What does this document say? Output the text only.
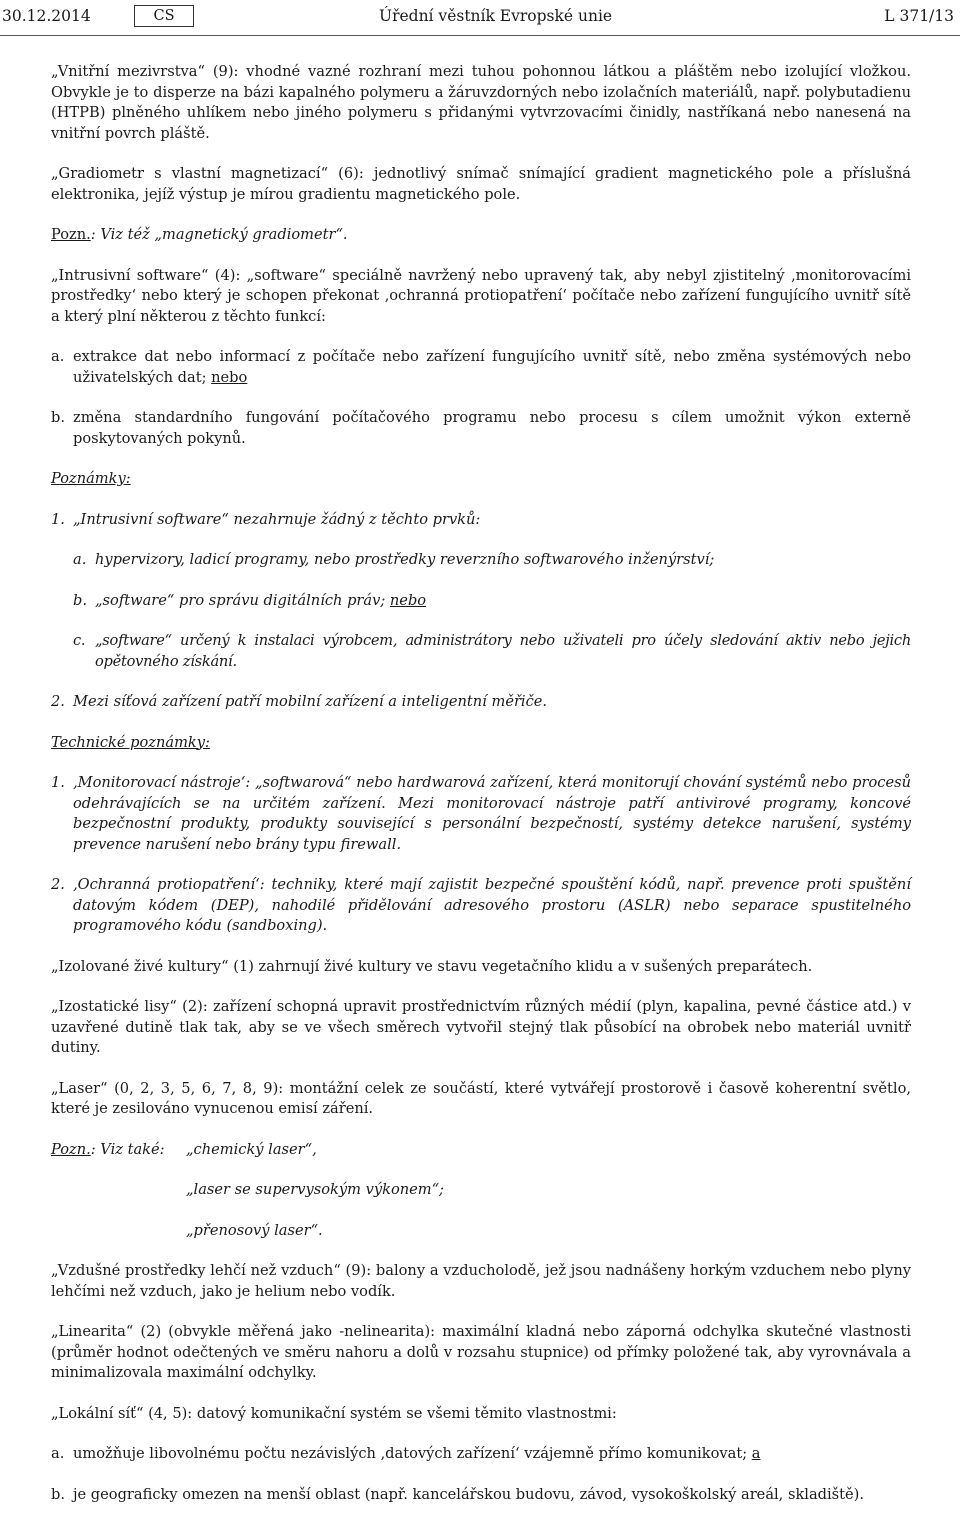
30.12.2014	CS	Úřední věstník Evropské unie	L 371/13

„Vnitřní mezivrstva“ (9): vhodné vazné rozhraní mezi tuhou pohonnou látkou a pláštěm nebo izolující vložkou. Obvykle je to disperze na bázi kapalného polymeru a žáruvzdorných nebo izolačních materiálů, např. polybutadienu (HTPB) plněného uhlíkem nebo jiného polymeru s přidanými vytvrzovacími činidly, nastříkaná nebo nanesená na vnitřní povrch pláště.

„Gradiometr s vlastní magnetizací“ (6): jednotlivý snímač snímající gradient magnetického pole a příslušná elektronika, jejíž výstup je mírou gradientu magnetického pole.

Pozn.: Viz též „magnetický gradiometr“.

„Intrusivní software“ (4): „software“ speciálně navržený nebo upravený tak, aby nebyl zjistitelný ‚monitorovacími prostředky‘ nebo který je schopen překonat ‚ochranná protiopatření‘ počítače nebo zařízení fungujícího uvnitř sítě a který plní některou z těchto funkcí:

a. extrakce dat nebo informací z počítače nebo zařízení fungujícího uvnitř sítě, nebo změna systémových nebo uživatelských dat; nebo
b. změna standardního fungování počítačového programu nebo procesu s cílem umožnit výkon externě poskytovaných pokynů.

Poznámky:

1. „Intrusivní software“ nezahrnuje žádný z těchto prvků:
a. hypervizory, ladicí programy, nebo prostředky reverzního softwarového inženýrství;
b. „software“ pro správu digitálních práv; nebo
c. „software“ určený k instalaci výrobcem, administrátory nebo uživateli pro účely sledování aktiv nebo jejich opětovného získání.
2. Mezi síťová zařízení patří mobilní zařízení a inteligentní měřiče.

Technické poznámky:

1. ‚Monitorovací nástroje‘: „softwarová“ nebo hardwarová zařízení, která monitorují chování systémů nebo procesů odehrávajících se na určitém zařízení. Mezi monitorovací nástroje patří antivirové programy, koncové bezpečnostní produkty, produkty související s personální bezpečností, systémy detekce narušení, systémy prevence narušení nebo brány typu firewall.
2. ‚Ochranná protiopatření‘: techniky, které mají zajistit bezpečné spouštění kódů, např. prevence proti spuštění datovým kódem (DEP), nahodilé přidělování adresového prostoru (ASLR) nebo separace spustitelného programového kódu (sandboxing).

„Izolované živé kultury“ (1) zahrnují živé kultury ve stavu vegetačního klidu a v sušených preparátech.

„Izostatické lisy“ (2): zařízení schopná upravit prostřednictvím různých médií (plyn, kapalina, pevné částice atd.) v uzavřené dutině tlak tak, aby se ve všech směrech vytvořil stejný tlak působící na obrobek nebo materiál uvnitř dutiny.

„Laser“ (0, 2, 3, 5, 6, 7, 8, 9): montážní celek ze součástí, které vytvářejí prostorově i časově koherentní světlo, které je zesilováno vynucenou emisí záření.

Pozn.: Viz také:	„chemický laser“,
„laser se supervysokým výkonem“;
„přenosový laser“.

„Vzdušné prostředky lehčí než vzduch“ (9): balony a vzducholodě, jež jsou nadnášeny horkým vzduchem nebo plyny lehčími než vzduch, jako je helium nebo vodík.

„Linearita“ (2) (obvykle měřená jako -nelinearita): maximální kladná nebo záporná odchylka skutečné vlastnosti (průměr hodnot odečtených ve směru nahoru a dolů v rozsahu stupnice) od přímky položené tak, aby vyrovnávala a minimalizovala maximální odchylky.

„Lokální síť“ (4, 5): datový komunikační systém se všemi těmito vlastnostmi:

a. umožňuje libovolnému počtu nezávislých ‚datových zařízení‘ vzájemně přímo komunikovat; a
b. je geograficky omezen na menší oblast (např. kancelářskou budovu, závod, vysokoškolský areál, skladiště).
